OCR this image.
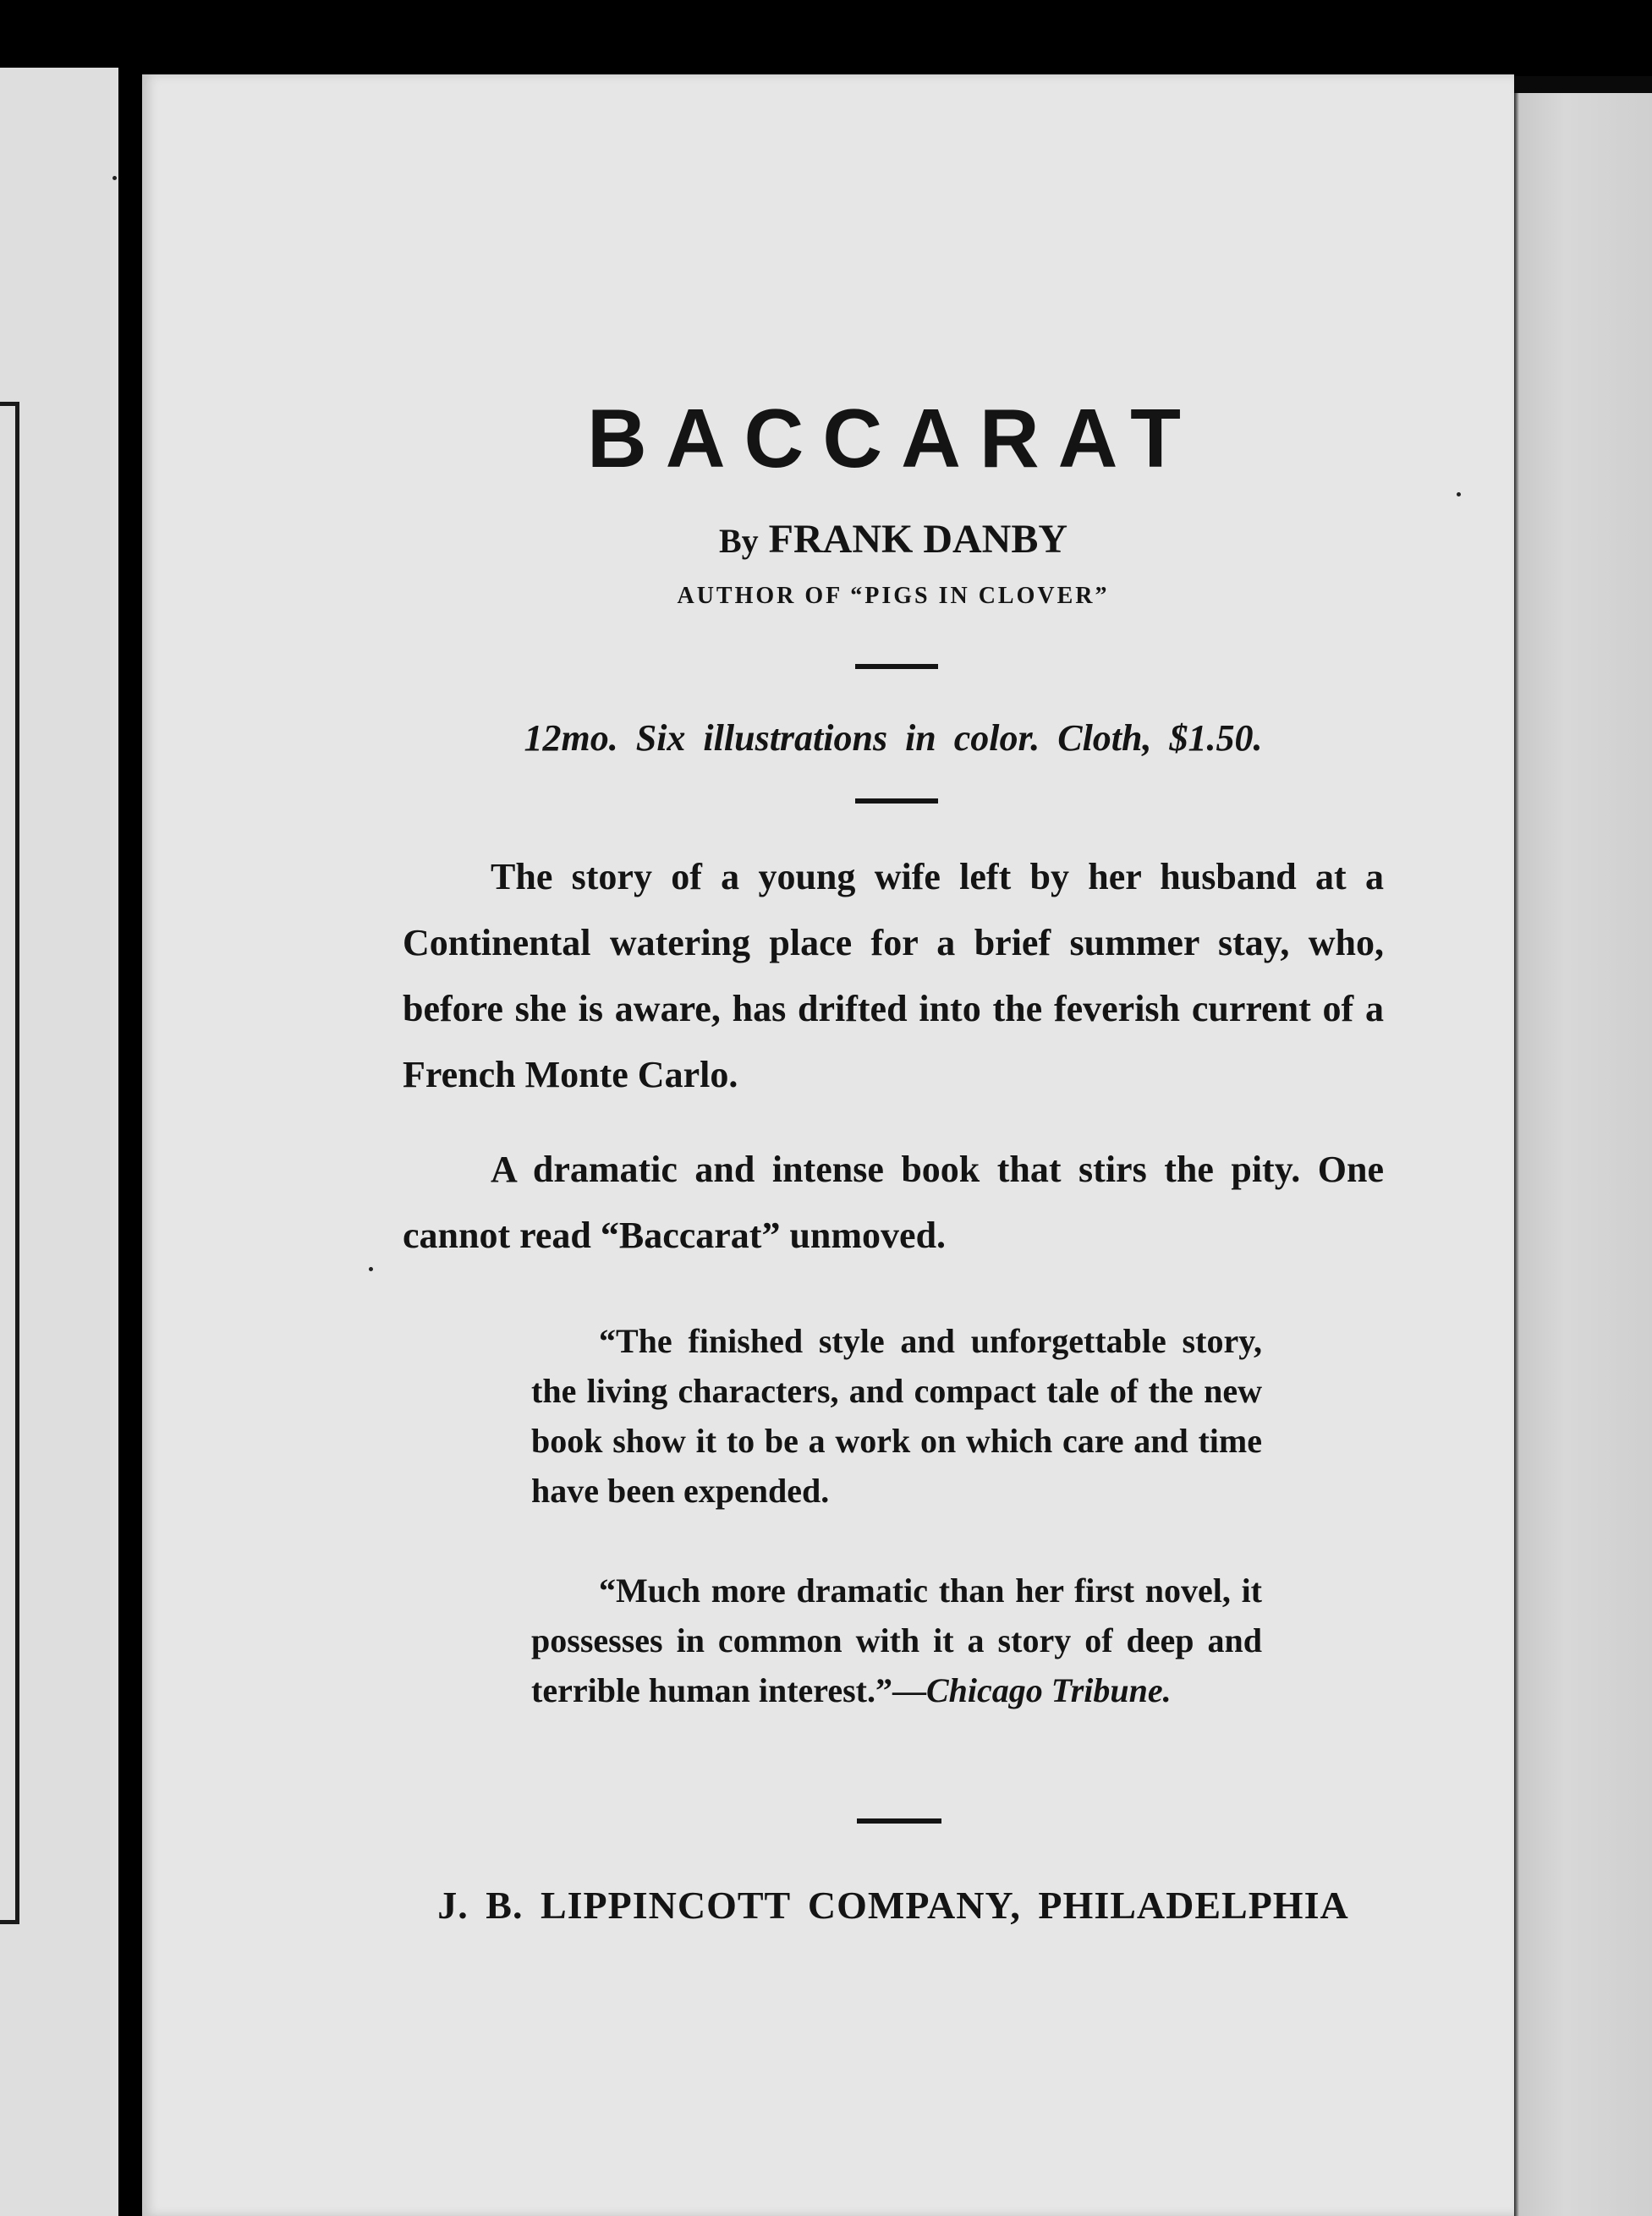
BACCARAT
By FRANK DANBY
AUTHOR OF “PIGS IN CLOVER”
12mo. Six illustrations in color. Cloth, $1.50.

The story of a young wife left by her husband at a Continental watering place for a brief summer stay, who, before she is aware, has drifted into the feverish current of a French Monte Carlo.

A dramatic and intense book that stirs the pity. One cannot read “Baccarat” unmoved.

“The finished style and unforgettable story, the living characters, and compact tale of the new book show it to be a work on which care and time have been expended.

“Much more dramatic than her first novel, it possesses in common with it a story of deep and terrible human interest.”—Chicago Tribune.

J. B. LIPPINCOTT COMPANY, PHILADELPHIA
